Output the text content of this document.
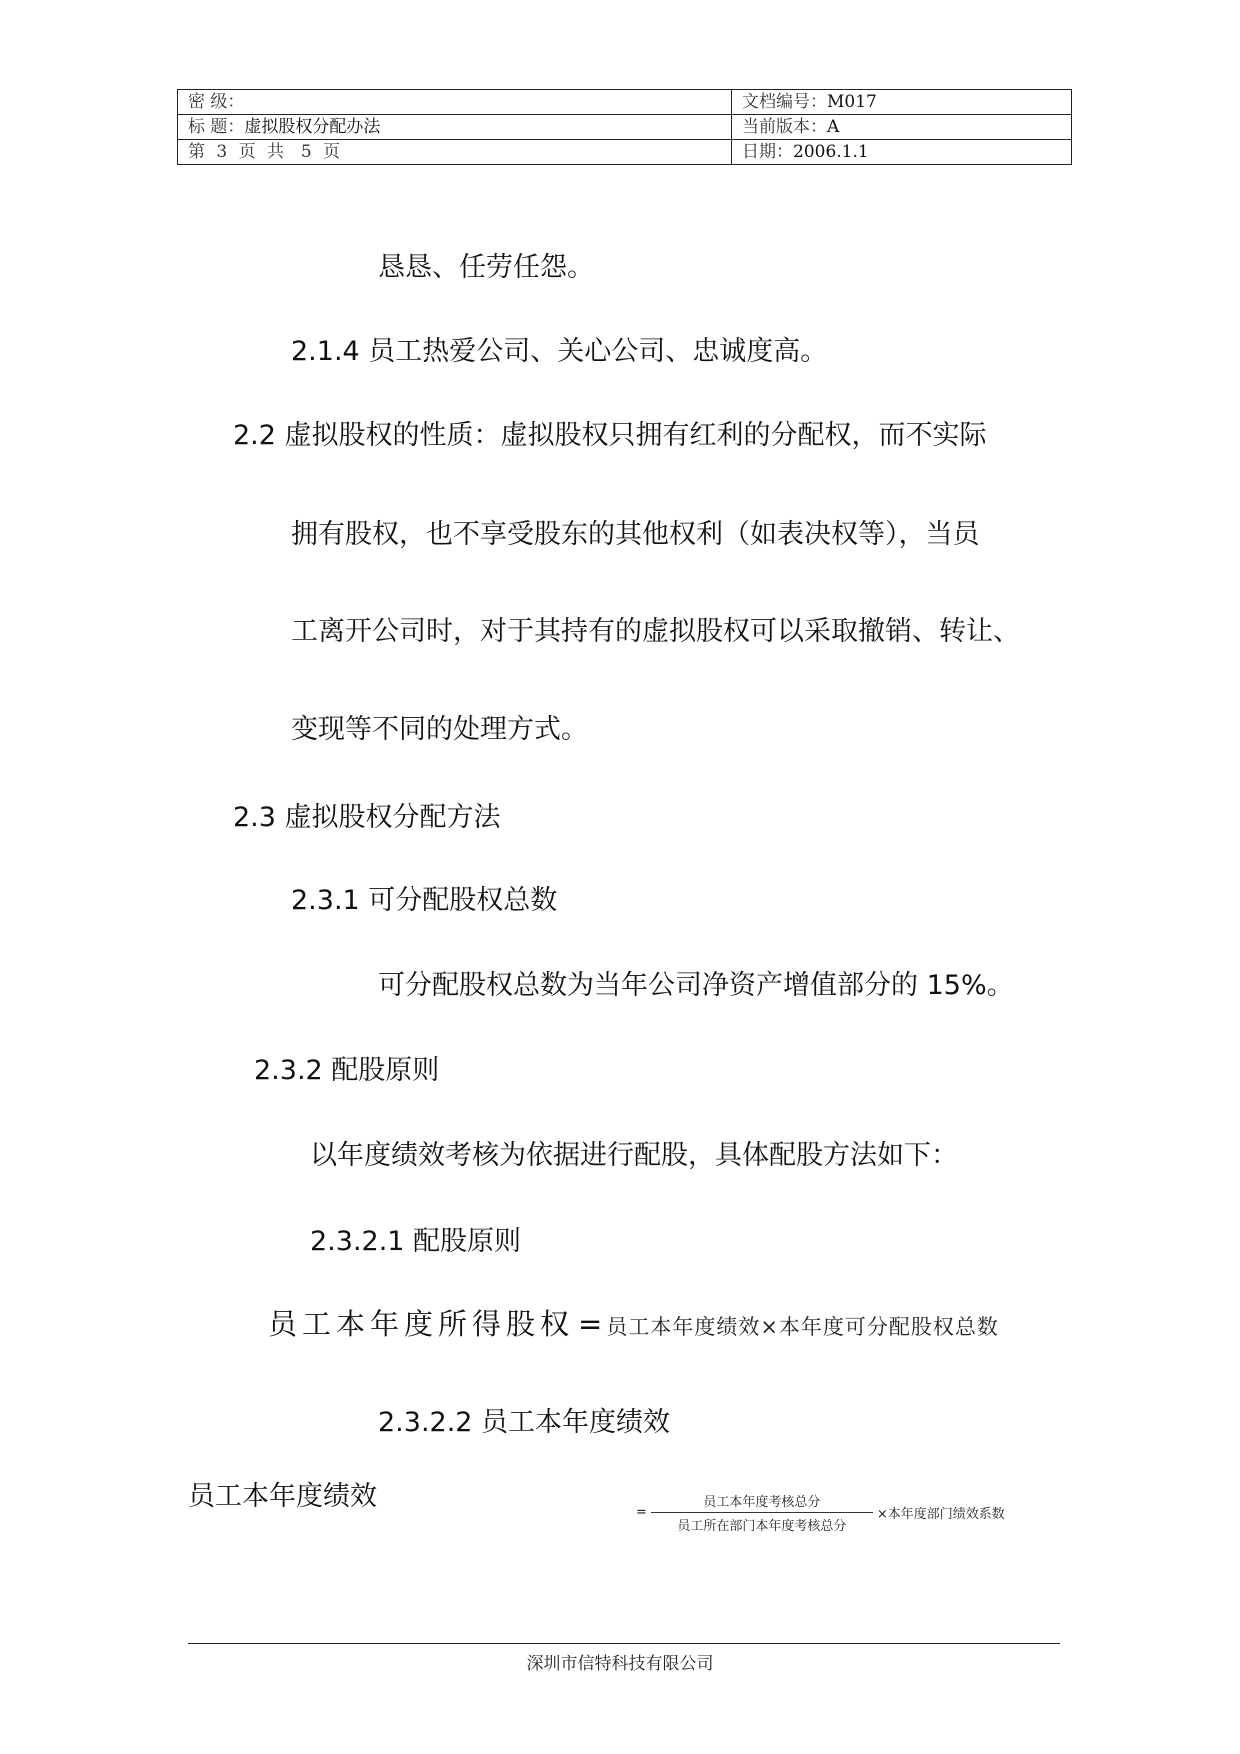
密 级：	文档编号：M017
标 题：虚拟股权分配办法	当前版本：A
第 3 页 共 5 页	日期：2006.1.1

恳恳、任劳任怨。

2.1.4 员工热爱公司、关心公司、忠诚度高。

2.2 虚拟股权的性质：虚拟股权只拥有红利的分配权，而不实际

拥有股权，也不享受股东的其他权利（如表决权等），当员

工离开公司时，对于其持有的虚拟股权可以采取撤销、转让、

变现等不同的处理方式。

2.3 虚拟股权分配方法

2.3.1 可分配股权总数

可分配股权总数为当年公司净资产增值部分的 15%。

2.3.2 配股原则

以年度绩效考核为依据进行配股，具体配股方法如下：

2.3.2.1 配股原则

员工本年度所得股权 = 员工本年度绩效×本年度可分配股权总数

2.3.2.2 员工本年度绩效

员工本年度绩效

= $\frac{\text{员工本年度考核总分}}{\text{员工所在部门本年度考核总分}}$ ×本年度部门绩效系数
深圳市信特科技有限公司
